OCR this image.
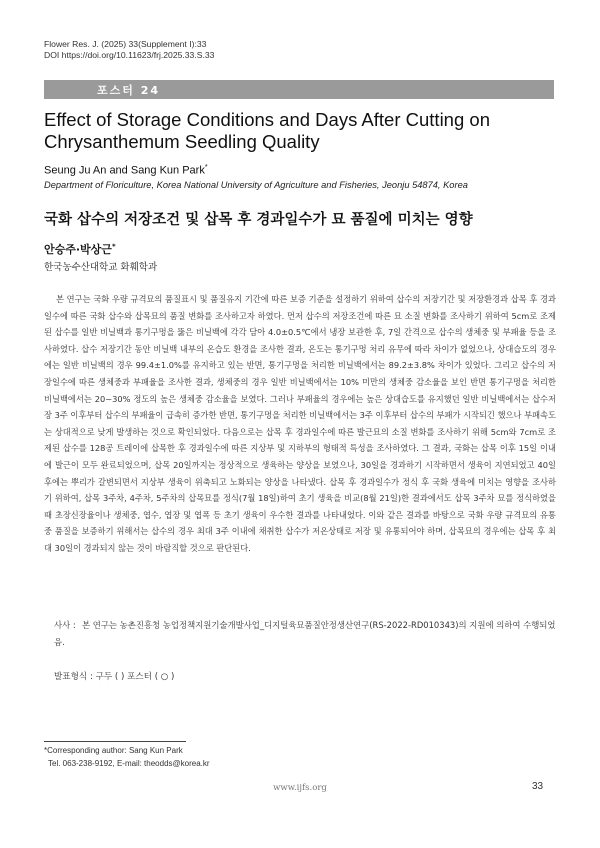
Flower Res. J. (2025) 33(Supplement I):33
DOI https://doi.org/10.11623/frj.2025.33.S.33
포스터 24
Effect of Storage Conditions and Days After Cutting on Chrysanthemum Seedling Quality
Seung Ju An and Sang Kun Park*
Department of Floriculture, Korea National University of Agriculture and Fisheries, Jeonju 54874, Korea
국화 삽수의 저장조건 및 삽목 후 경과일수가 묘 품질에 미치는 영향
안승주·박상근*
한국농수산대학교 화훼학과
본 연구는 국화 우량 규격묘의 품질표시 및 품질유지 기간에 따른 보증 기준을 설정하기 위하여 삽수의 저장기간 및 저장환경과 삽목 후 경과일수에 따른 국화 삽수와 삽목묘의 품질 변화를 조사하고자 하였다. 먼저 삽수의 저장조건에 따른 묘 소질 변화를 조사하기 위하여 5cm로 조제된 삽수를 일반 비닐백과 통기구멍을 뚫은 비닐백에 각각 담아 4.0±0.5℃에서 냉장 보관한 후, 7일 간격으로 삽수의 생체중 및 부패율 등을 조사하였다. 삽수 저장기간 동안 비닐백 내부의 온습도 환경을 조사한 결과, 온도는 통기구멍 처리 유무에 따라 차이가 없었으나, 상대습도의 경우에는 일반 비닐백의 경우 99.4±1.0%를 유지하고 있는 반면, 통기구멍을 처리한 비닐백에서는 89.2±3.8% 차이가 있었다. 그리고 삽수의 저장일수에 따른 생체중과 부패율을 조사한 결과, 생체중의 경우 일반 비닐백에서는 10% 미만의 생체중 감소율을 보인 반면 통기구멍을 처리한 비닐백에서는 20~30% 정도의 높은 생체중 감소율을 보였다. 그러나 부패율의 경우에는 높은 상대습도를 유지했던 일반 비닐백에서는 삽수저장 3주 이후부터 삽수의 부패율이 급속히 증가한 반면, 통기구멍을 처리한 비닐백에서는 3주 이후부터 삽수의 부패가 시작되긴 했으나 부패속도는 상대적으로 낮게 발생하는 것으로 확인되었다. 다음으로는 삽목 후 경과일수에 따른 발근묘의 소질 변화를 조사하기 위해 5cm와 7cm로 조제된 삽수를 128공 트레이에 삽목한 후 경과일수에 따른 지상부 및 지하부의 형태적 특성을 조사하였다. 그 결과, 국화는 삽목 이후 15일 이내에 발근이 모두 완료되었으며, 삽목 20일까지는 정상적으로 생육하는 양상을 보였으나, 30일을 경과하기 시작하면서 생육이 지연되었고 40일 후에는 뿌리가 갈변되면서 지상부 생육이 위축되고 노화되는 양상을 나타냈다. 삽목 후 경과일수가 정식 후 국화 생육에 미치는 영향을 조사하기 위하여, 삽목 3주차, 4주차, 5주차의 삽목묘를 정식(7월 18일)하여 초기 생육을 비교(8월 21일)한 결과에서도 삽목 3주차 묘를 정식하였을 때 초장신장율이나 생체중, 엽수, 엽장 및 엽폭 등 초기 생육이 우수한 결과를 나타내었다. 이와 같은 결과를 바탕으로 국화 우량 규격묘의 유통 중 품질을 보증하기 위해서는 삽수의 경우 최대 3주 이내에 채취한 삽수가 저온상태로 저장 및 유통되어야 하며, 삽목묘의 경우에는 삽목 후 최대 30일이 경과되지 않는 것이 바람직할 것으로 판단된다.
사사 : 본 연구는 농촌진흥청 농업정책지원기술개발사업_디지털육묘품질안정생산연구(RS-2022-RD010343)의 지원에 의하여 수행되었음.
발표형식 : 구두 ( ) 포스터 ( ○ )
*Corresponding author: Sang Kun Park
Tel. 063-238-9192, E-mail: theodds@korea.kr
www.ijfs.org	33
